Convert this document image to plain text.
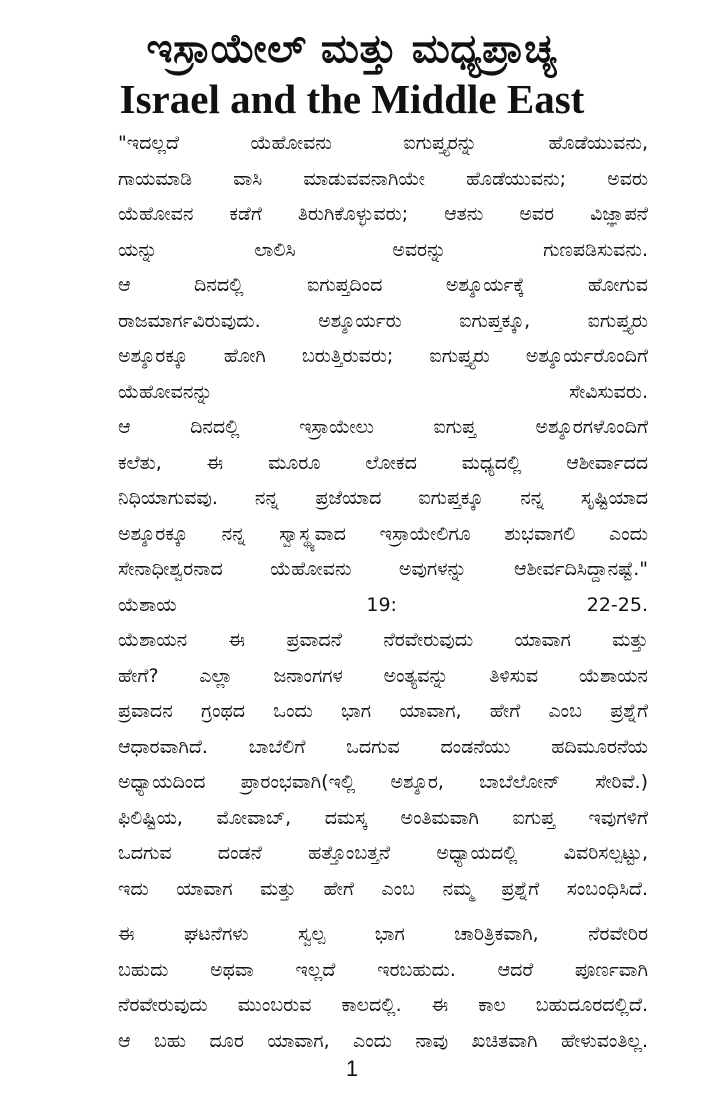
ಇಸ್ರಾಯೇಲ್ ಮತ್ತು ಮಧ್ಯಪ್ರಾಚ್ಯ
Israel and the Middle East
"ಇದಲ್ಲದೆ ಯೆಹೋವನು ಐಗುಪ್ತ್ಯರನ್ನು ಹೊಡೆಯುವನು,
ಗಾಯಮಾಡಿ ವಾಸಿ ಮಾಡುವವನಾಗಿಯೇ ಹೊಡೆಯುವನು; ಅವರು
ಯೆಹೋವನ ಕಡೆಗೆ ತಿರುಗಿಕೊಳ್ಳುವರು; ಆತನು ಅವರ ವಿಜ್ಞಾಪನೆ
ಯನ್ನು ಲಾಲಿಸಿ ಅವರನ್ನು ಗುಣಪಡಿಸುವನು.
ಆ ದಿನದಲ್ಲಿ ಐಗುಪ್ತದಿಂದ ಅಶ್ಶೂರ್ಯಕ್ಕೆ ಹೋಗುವ
ರಾಜಮಾರ್ಗವಿರುವುದು. ಅಶ್ಶೂರ್ಯರು ಐಗುಪ್ತಕ್ಕೂ, ಐಗುಪ್ತ್ಯರು
ಅಶ್ಶೂರಕ್ಕೂ ಹೋಗಿ ಬರುತ್ತಿರುವರು; ಐಗುಪ್ತ್ಯರು ಅಶ್ಶೂರ್ಯರೊಂದಿಗೆ
ಯೆಹೋವನನ್ನು ಸೇವಿಸುವರು.
ಆ ದಿನದಲ್ಲಿ ಇಸ್ರಾಯೇಲು ಐಗುಪ್ತ ಅಶ್ಶೂರಗಳೊಂದಿಗೆ
ಕಲೆತು, ಈ ಮೂರೂ ಲೋಕದ ಮಧ್ಯದಲ್ಲಿ ಆಶೀರ್ವಾದದ
ನಿಧಿಯಾಗುವವು. ನನ್ನ ಪ್ರಜೆಯಾದ ಐಗುಪ್ತಕ್ಕೂ ನನ್ನ ಸೃಷ್ಟಿಯಾದ
ಅಶ್ಶೂರಕ್ಕೂ ನನ್ನ ಸ್ವಾಸ್ಥ್ಯವಾದ ಇಸ್ರಾಯೇಲಿಗೂ ಶುಭವಾಗಲಿ ಎಂದು
ಸೇನಾಧೀಶ್ವರನಾದ ಯೆಹೋವನು ಅವುಗಳನ್ನು ಆಶೀರ್ವದಿಸಿದ್ದಾನಷ್ಟೆ."
ಯೆಶಾಯ 19: 22-25.
ಯೆಶಾಯನ ಈ ಪ್ರವಾದನೆ ನೆರವೇರುವುದು ಯಾವಾಗ ಮತ್ತು
ಹೇಗೆ? ಎಲ್ಲಾ ಜನಾಂಗಗಳ ಅಂತ್ಯವನ್ನು ತಿಳಿಸುವ ಯೆಶಾಯನ
ಪ್ರವಾದನ ಗ್ರಂಥದ ಒಂದು ಭಾಗ ಯಾವಾಗ, ಹೇಗೆ ಎಂಬ ಪ್ರಶ್ನೆಗೆ
ಆಧಾರವಾಗಿದೆ. ಬಾಬೆಲಿಗೆ ಒದಗುವ ದಂಡನೆಯು ಹದಿಮೂರನೆಯ
ಅಧ್ಯಾಯದಿಂದ ಪ್ರಾರಂಭವಾಗಿ(ಇಲ್ಲಿ ಅಶ್ಶೂರ, ಬಾಬೆಲೋನ್ ಸೇರಿವೆ.)
ಫಿಲಿಷ್ಟಿಯ, ಮೋವಾಬ್, ದಮಸ್ಕ ಅಂತಿಮವಾಗಿ ಐಗುಪ್ತ ಇವುಗಳಿಗೆ
ಒದಗುವ ದಂಡನೆ ಹತ್ತೊಂಬತ್ತನೆ ಅಧ್ಯಾಯದಲ್ಲಿ ವಿವರಿಸಲ್ಪಟ್ಟು,
ಇದು ಯಾವಾಗ ಮತ್ತು ಹೇಗೆ ಎಂಬ ನಮ್ಮ ಪ್ರಶ್ನೆಗೆ ಸಂಬಂಧಿಸಿದೆ.
ಈ ಘಟನೆಗಳು ಸ್ವಲ್ಪ ಭಾಗ ಚಾರಿತ್ರಿಕವಾಗಿ, ನೆರವೇರಿರ
ಬಹುದು ಅಥವಾ ಇಲ್ಲದೆ ಇರಬಹುದು. ಆದರೆ ಪೂರ್ಣವಾಗಿ
ನೆರವೇರುವುದು ಮುಂಬರುವ ಕಾಲದಲ್ಲಿ. ಈ ಕಾಲ ಬಹುದೂರದಲ್ಲಿದೆ.
ಆ ಬಹು ದೂರ ಯಾವಾಗ, ಎಂದು ನಾವು ಖಚಿತವಾಗಿ ಹೇಳುವಂತಿಲ್ಲ.
1
